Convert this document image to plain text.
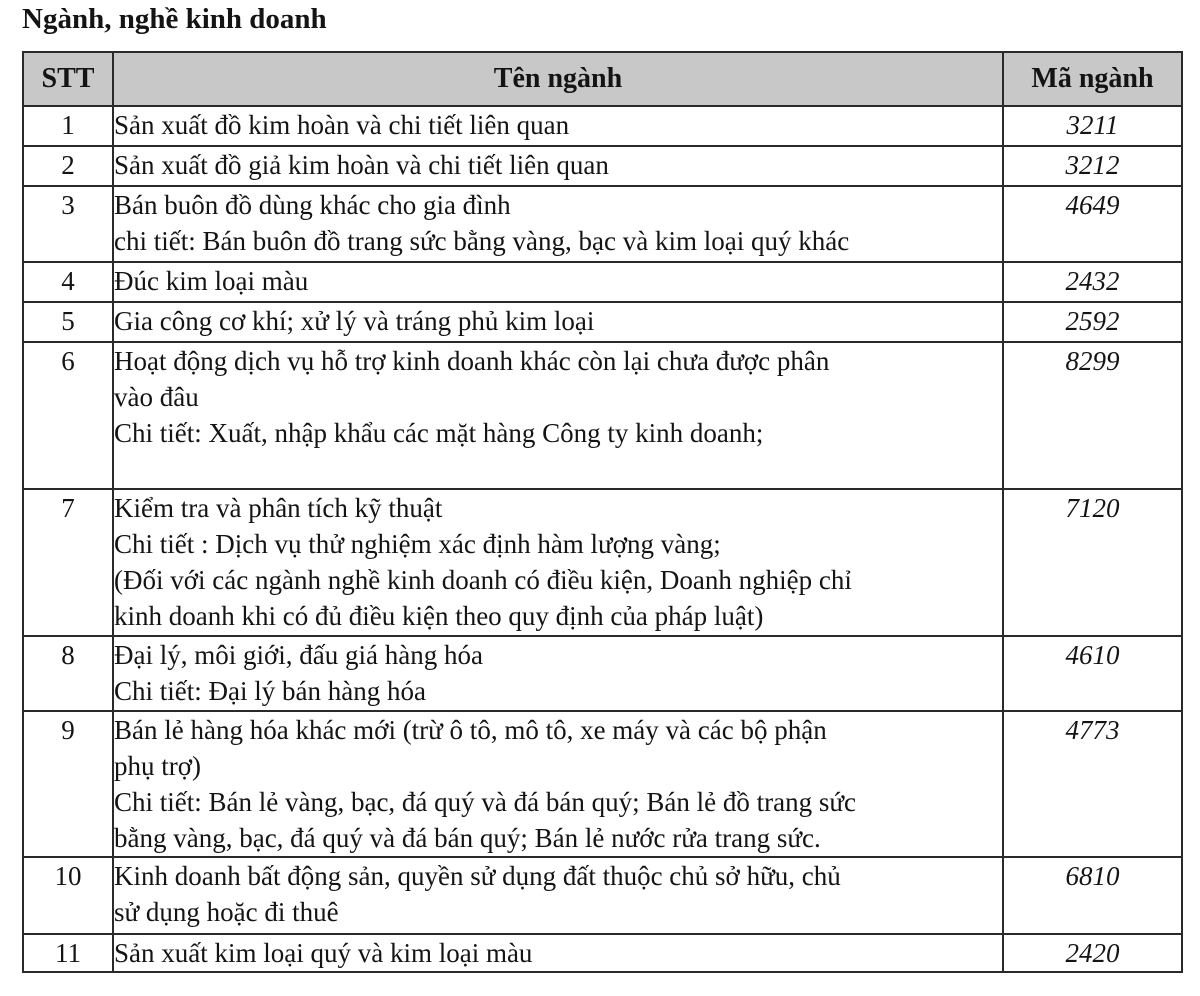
Ngành, nghề kinh doanh
STT	Tên ngành	Mã ngành
1	Sản xuất đồ kim hoàn và chi tiết liên quan	3211
2	Sản xuất đồ giả kim hoàn và chi tiết liên quan	3212
3	Bán buôn đồ dùng khác cho gia đình
chi tiết: Bán buôn đồ trang sức bằng vàng, bạc và kim loại quý khác	4649
4	Đúc kim loại màu	2432
5	Gia công cơ khí; xử lý và tráng phủ kim loại	2592
6	Hoạt động dịch vụ hỗ trợ kinh doanh khác còn lại chưa được phân
vào đâu
Chi tiết: Xuất, nhập khẩu các mặt hàng Công ty kinh doanh;	8299
7	Kiểm tra và phân tích kỹ thuật
Chi tiết : Dịch vụ thử nghiệm xác định hàm lượng vàng;
(Đối với các ngành nghề kinh doanh có điều kiện, Doanh nghiệp chỉ
kinh doanh khi có đủ điều kiện theo quy định của pháp luật)	7120
8	Đại lý, môi giới, đấu giá hàng hóa
Chi tiết: Đại lý bán hàng hóa	4610
9	Bán lẻ hàng hóa khác mới (trừ ô tô, mô tô, xe máy và các bộ phận
phụ trợ)
Chi tiết: Bán lẻ vàng, bạc, đá quý và đá bán quý; Bán lẻ đồ trang sức
bằng vàng, bạc, đá quý và đá bán quý; Bán lẻ nước rửa trang sức.	4773
10	Kinh doanh bất động sản, quyền sử dụng đất thuộc chủ sở hữu, chủ
sử dụng hoặc đi thuê	6810
11	Sản xuất kim loại quý và kim loại màu	2420
